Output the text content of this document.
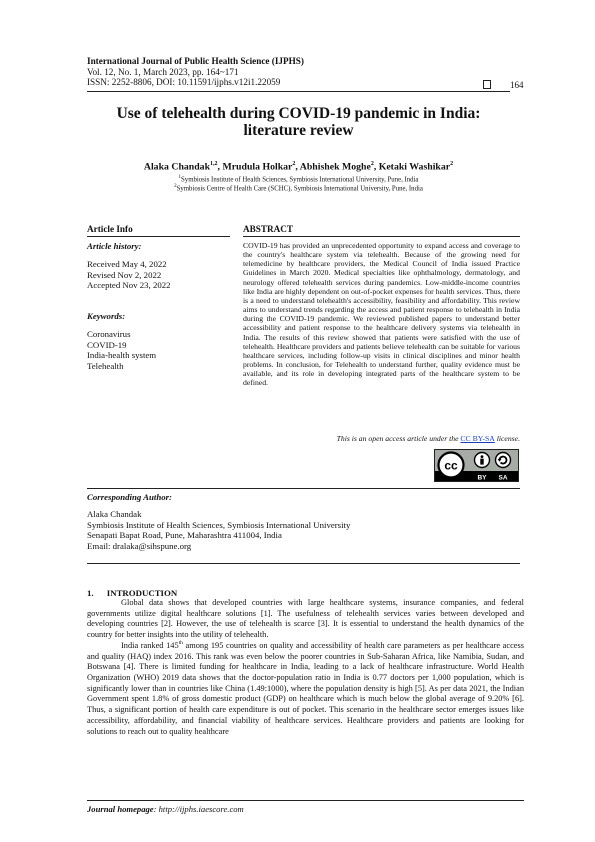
International Journal of Public Health Science (IJPHS)
Vol. 12, No. 1, March 2023, pp. 164~171
ISSN: 2252-8806, DOI: 10.11591/ijphs.v12i1.22059	164
Use of telehealth during COVID-19 pandemic in India:
literature review
Alaka Chandak$^{1,2}$, Mrudula Holkar$^2$, Abhishek Moghe$^2$, Ketaki Washikar$^2$
$^1$Symbiosis Institute of Health Sciences, Symbiosis International University, Pune, India
$^2$Symbiosis Centre of Health Care (SCHC), Symbiosis International University, Pune, India
Article Info	ABSTRACT
Article history:
Received May 4, 2022
Revised Nov 2, 2022
Accepted Nov 23, 2022
Keywords:
Coronavirus
COVID-19
India-health system
Telehealth
COVID-19 has provided an unprecedented opportunity to expand access and coverage to the country's healthcare system via telehealth. Because of the growing need for telemedicine by healthcare providers, the Medical Council of India issued Practice Guidelines in March 2020. Medical specialties like ophthalmology, dermatology, and neurology offered telehealth services during pandemics. Low-middle-income countries like India are highly dependent on out-of-pocket expenses for health services. Thus, there is a need to understand telehealth's accessibility, feasibility and affordability. This review aims to understand trends regarding the access and patient response to telehealth in India during the COVID-19 pandemic. We reviewed published papers to understand better accessibility and patient response to the healthcare delivery systems via telehealth in India. The results of this review showed that patients were satisfied with the use of telehealth. Healthcare providers and patients believe telehealth can be suitable for various healthcare services, including follow-up visits in clinical disciplines and minor health problems. In conclusion, for Telehealth to understand further, quality evidence must be available, and its role in developing integrated parts of the healthcare system to be defined.
This is an open access article under the CC BY-SA license.
cc
BY SA
Corresponding Author:
Alaka Chandak
Symbiosis Institute of Health Sciences, Symbiosis International University
Senapati Bapat Road, Pune, Maharashtra 411004, India
Email: dralaka@sihspune.org
1.      INTRODUCTION

Global data shows that developed countries with large healthcare systems, insurance companies, and federal governments utilize digital healthcare solutions [1]. The usefulness of telehealth services varies between developed and developing countries [2]. However, the use of telehealth is scarce [3]. It is essential to understand the health dynamics of the country for better insights into the utility of telehealth.

India ranked 145th among 195 countries on quality and accessibility of health care parameters as per healthcare access and quality (HAQ) index 2016. This rank was even below the poorer countries in Sub-Saharan Africa, like Namibia, Sudan, and Botswana [4]. There is limited funding for healthcare in India, leading to a lack of healthcare infrastructure. World Health Organization (WHO) 2019 data shows that the doctor-population ratio in India is 0.77 doctors per 1,000 population, which is significantly lower than in countries like China (1.49:1000), where the population density is high [5]. As per data 2021, the Indian Government spent 1.8% of gross domestic product (GDP) on healthcare which is much below the global average of 9.20% [6]. Thus, a significant portion of health care expenditure is out of pocket. This scenario in the healthcare sector emerges issues like accessibility, affordability, and financial viability of healthcare services. Healthcare providers and patients are looking for solutions to reach out to quality healthcare

Journal homepage: http://ijphs.iaescore.com
